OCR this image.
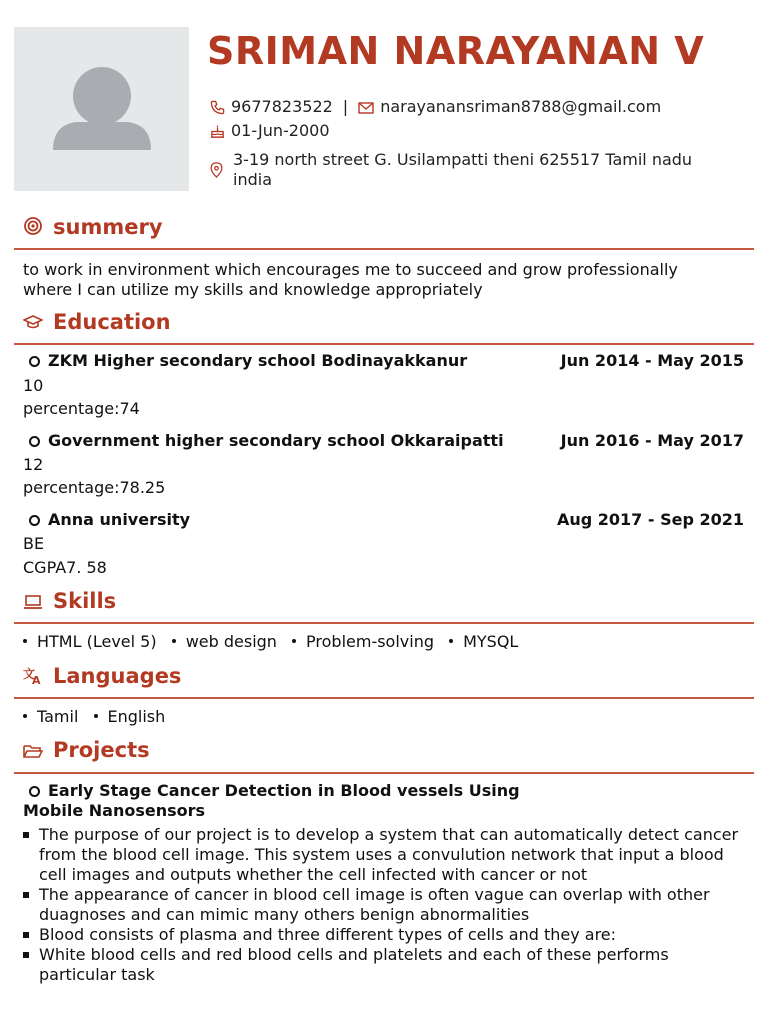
SRIMAN NARAYANAN V
9677823522 | narayanansriman8788@gmail.com
01-Jun-2000
3-19 north street G. Usilampatti theni 625517 Tamil nadu india
summery
to work in environment which encourages me to succeed and grow professionally
where I can utilize my skills and knowledge appropriately
Education
ZKM Higher secondary school Bodinayakkanur	Jun 2014 - May 2015
10
percentage:74
Government higher secondary school Okkaraipatti	Jun 2016 - May 2017
12
percentage:78.25
Anna university	Aug 2017 - Sep 2021
BE
CGPA7. 58
Skills
HTML (Level 5) web design Problem-solving MYSQL
文
A Languages
Tamil English
Projects
Early Stage Cancer Detection in Blood vessels Using
Mobile Nanosensors
The purpose of our project is to develop a system that can automatically detect cancer from the blood cell image. This system uses a convulution network that input a blood cell images and outputs whether the cell infected with cancer or not
The appearance of cancer in blood cell image is often vague can overlap with other duagnoses and can mimic many others benign abnormalities
Blood consists of plasma and three different types of cells and they are:
White blood cells and red blood cells and platelets and each of these performs particular task
